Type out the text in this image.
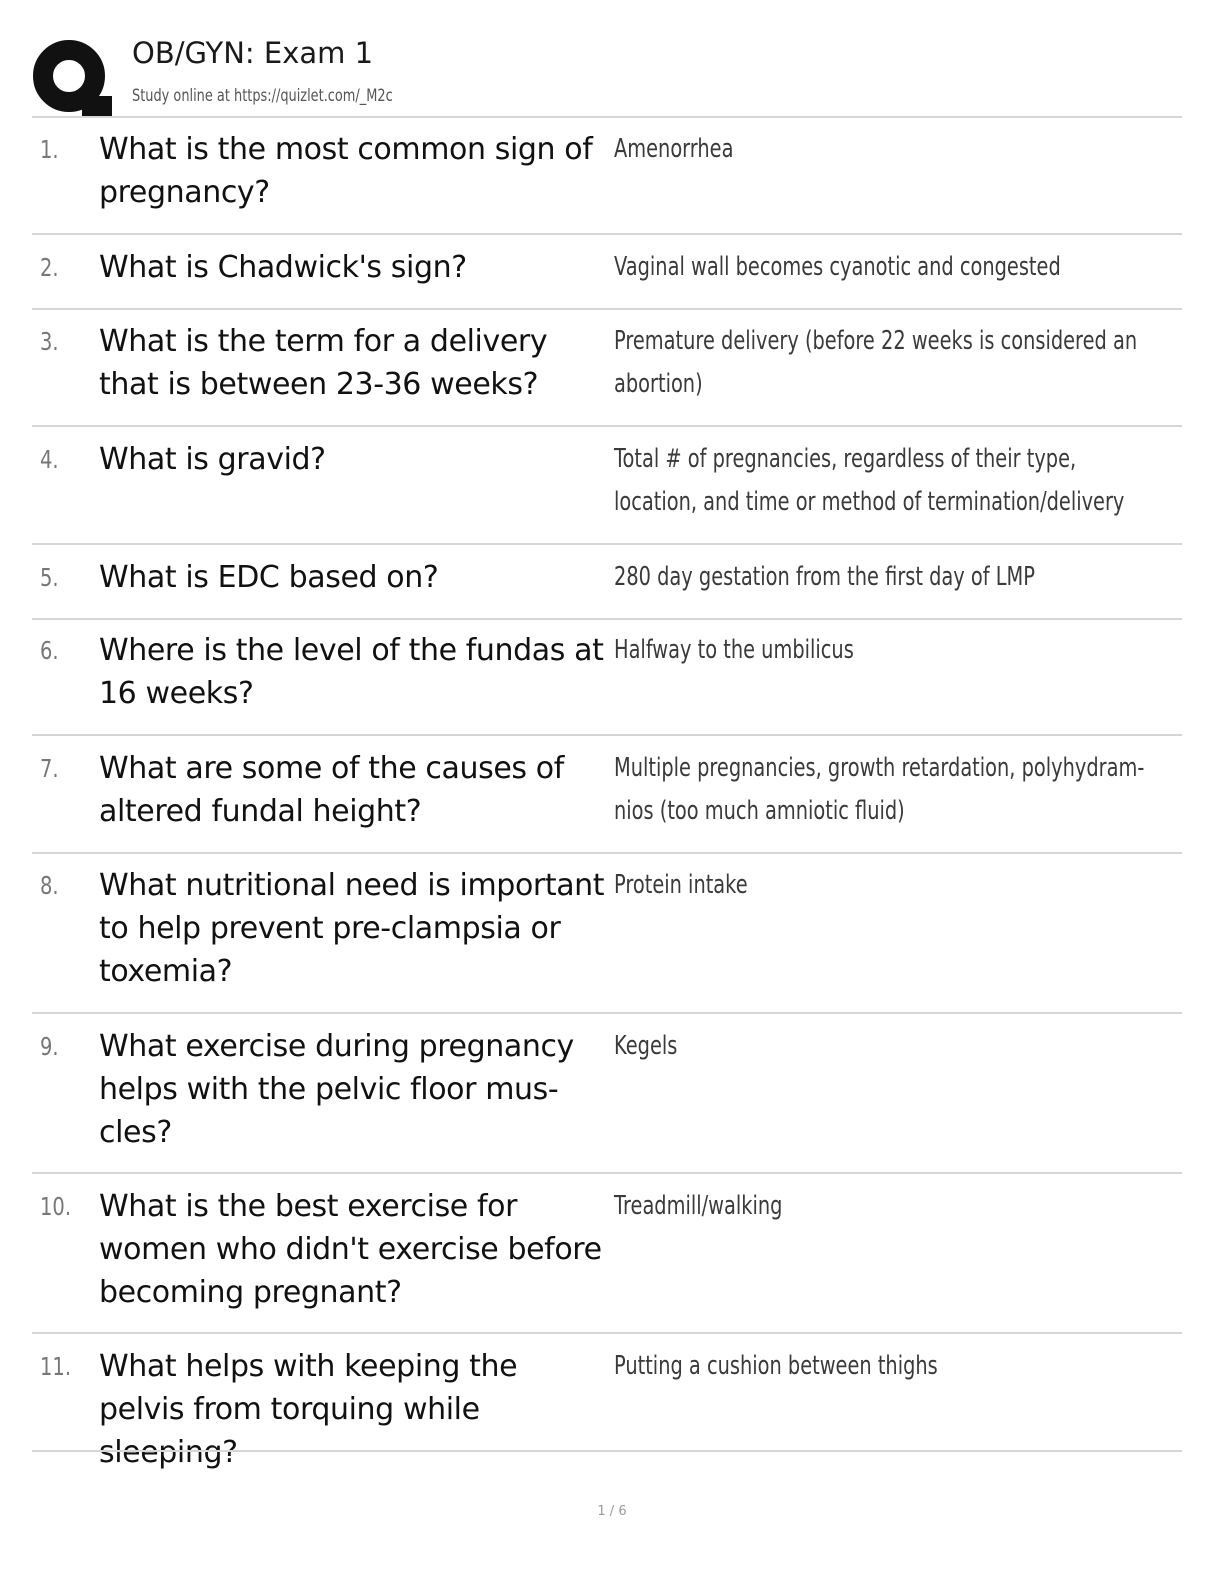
OB/GYN: Exam 1
Study online at https://quizlet.com/_M2c
1. What is the most common sign of pregnancy?
Amenorrhea
2. What is Chadwick's sign?	Vaginal wall becomes cyanotic and congested
3. What is the term for a delivery that is between 23-36 weeks?
Premature delivery (before 22 weeks is considered an abortion)
4. What is gravid?	Total # of pregnancies, regardless of their type, location, and time or method of termination/delivery
5. What is EDC based on?	280 day gestation from the first day of LMP
6. Where is the level of the fundas at 16 weeks?
Halfway to the umbilicus
7. What are some of the causes of altered fundal height?
Multiple pregnancies, growth retardation, polyhydram-nios (too much amniotic fluid)
8. What nutritional need is important to help prevent pre-clampsia or toxemia?
Protein intake
9. What exercise during pregnancy helps with the pelvic floor mus-cles?
Kegels
10. What is the best exercise for women who didn't exercise before becoming pregnant?
Treadmill/walking
11. What helps with keeping the pelvis from torquing while sleeping?
Putting a cushion between thighs
1 / 6
